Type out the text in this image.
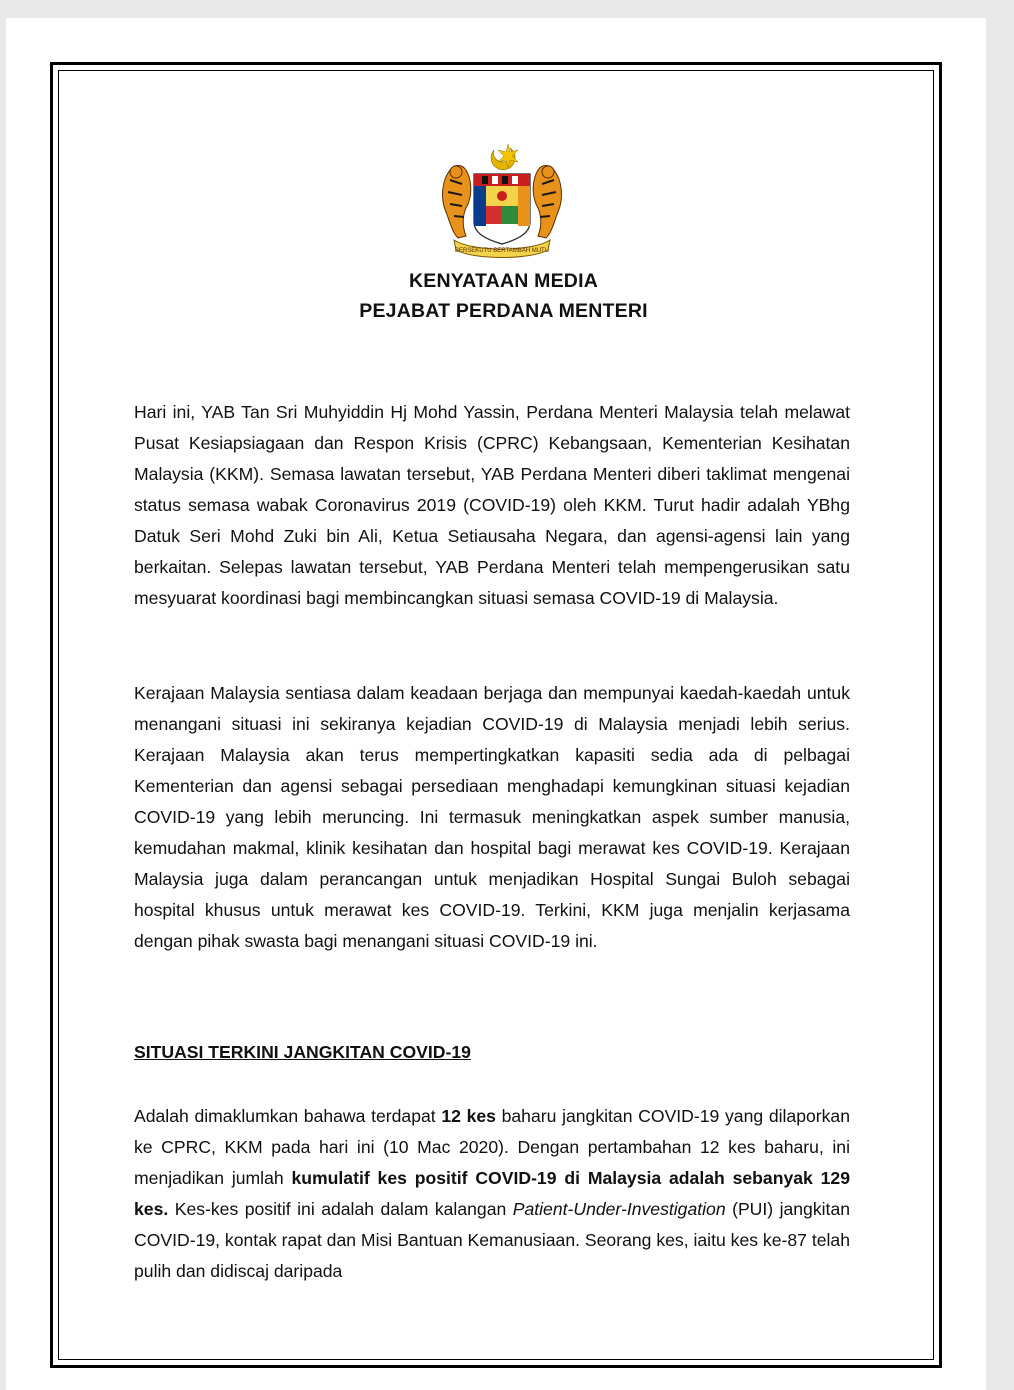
BERSEKUTU BERTAMBAH MUTU
KENYATAAN MEDIA
PEJABAT PERDANA MENTERI

Hari ini, YAB Tan Sri Muhyiddin Hj Mohd Yassin, Perdana Menteri Malaysia telah melawat Pusat Kesiapsiagaan dan Respon Krisis (CPRC) Kebangsaan, Kementerian Kesihatan Malaysia (KKM). Semasa lawatan tersebut, YAB Perdana Menteri diberi taklimat mengenai status semasa wabak Coronavirus 2019 (COVID-19) oleh KKM. Turut hadir adalah YBhg Datuk Seri Mohd Zuki bin Ali, Ketua Setiausaha Negara, dan agensi-agensi lain yang berkaitan. Selepas lawatan tersebut, YAB Perdana Menteri telah mempengerusikan satu mesyuarat koordinasi bagi membincangkan situasi semasa COVID-19 di Malaysia.

Kerajaan Malaysia sentiasa dalam keadaan berjaga dan mempunyai kaedah-kaedah untuk menangani situasi ini sekiranya kejadian COVID-19 di Malaysia menjadi lebih serius. Kerajaan Malaysia akan terus mempertingkatkan kapasiti sedia ada di pelbagai Kementerian dan agensi sebagai persediaan menghadapi kemungkinan situasi kejadian COVID-19 yang lebih meruncing. Ini termasuk meningkatkan aspek sumber manusia, kemudahan makmal, klinik kesihatan dan hospital bagi merawat kes COVID-19. Kerajaan Malaysia juga dalam perancangan untuk menjadikan Hospital Sungai Buloh sebagai hospital khusus untuk merawat kes COVID-19. Terkini, KKM juga menjalin kerjasama dengan pihak swasta bagi menangani situasi COVID-19 ini.

SITUASI TERKINI JANGKITAN COVID-19

Adalah dimaklumkan bahawa terdapat 12 kes baharu jangkitan COVID-19 yang dilaporkan ke CPRC, KKM pada hari ini (10 Mac 2020). Dengan pertambahan 12 kes baharu, ini menjadikan jumlah kumulatif kes positif COVID-19 di Malaysia adalah sebanyak 129 kes. Kes-kes positif ini adalah dalam kalangan Patient-Under-Investigation (PUI) jangkitan COVID-19, kontak rapat dan Misi Bantuan Kemanusiaan. Seorang kes, iaitu kes ke-87 telah pulih dan didiscaj daripada
